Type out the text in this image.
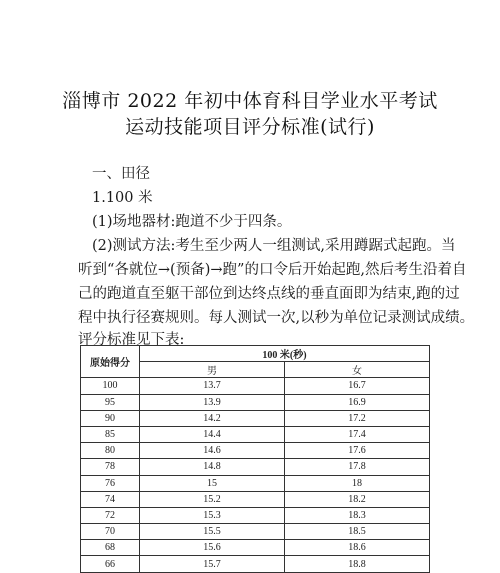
淄博市 2022 年初中体育科目学业水平考试
运动技能项目评分标准(试行)
一、田径
1.100 米
(1)场地器材:跑道不少于四条。
(2)测试方法:考生至少两人一组测试,采用蹲踞式起跑。当
听到“各就位→(预备)→跑”的口令后开始起跑,然后考生沿着自
己的跑道直至躯干部位到达终点线的垂直面即为结束,跑的过
程中执行径赛规则。每人测试一次,以秒为单位记录测试成绩。
评分标准见下表:
原始得分	100 米(秒)	
	男	女
100	13.7	16.7
95	13.9	16.9
90	14.2	17.2
85	14.4	17.4
80	14.6	17.6
78	14.8	17.8
76	15	18
74	15.2	18.2
72	15.3	18.3
70	15.5	18.5
68	15.6	18.6
66	15.7	18.8
